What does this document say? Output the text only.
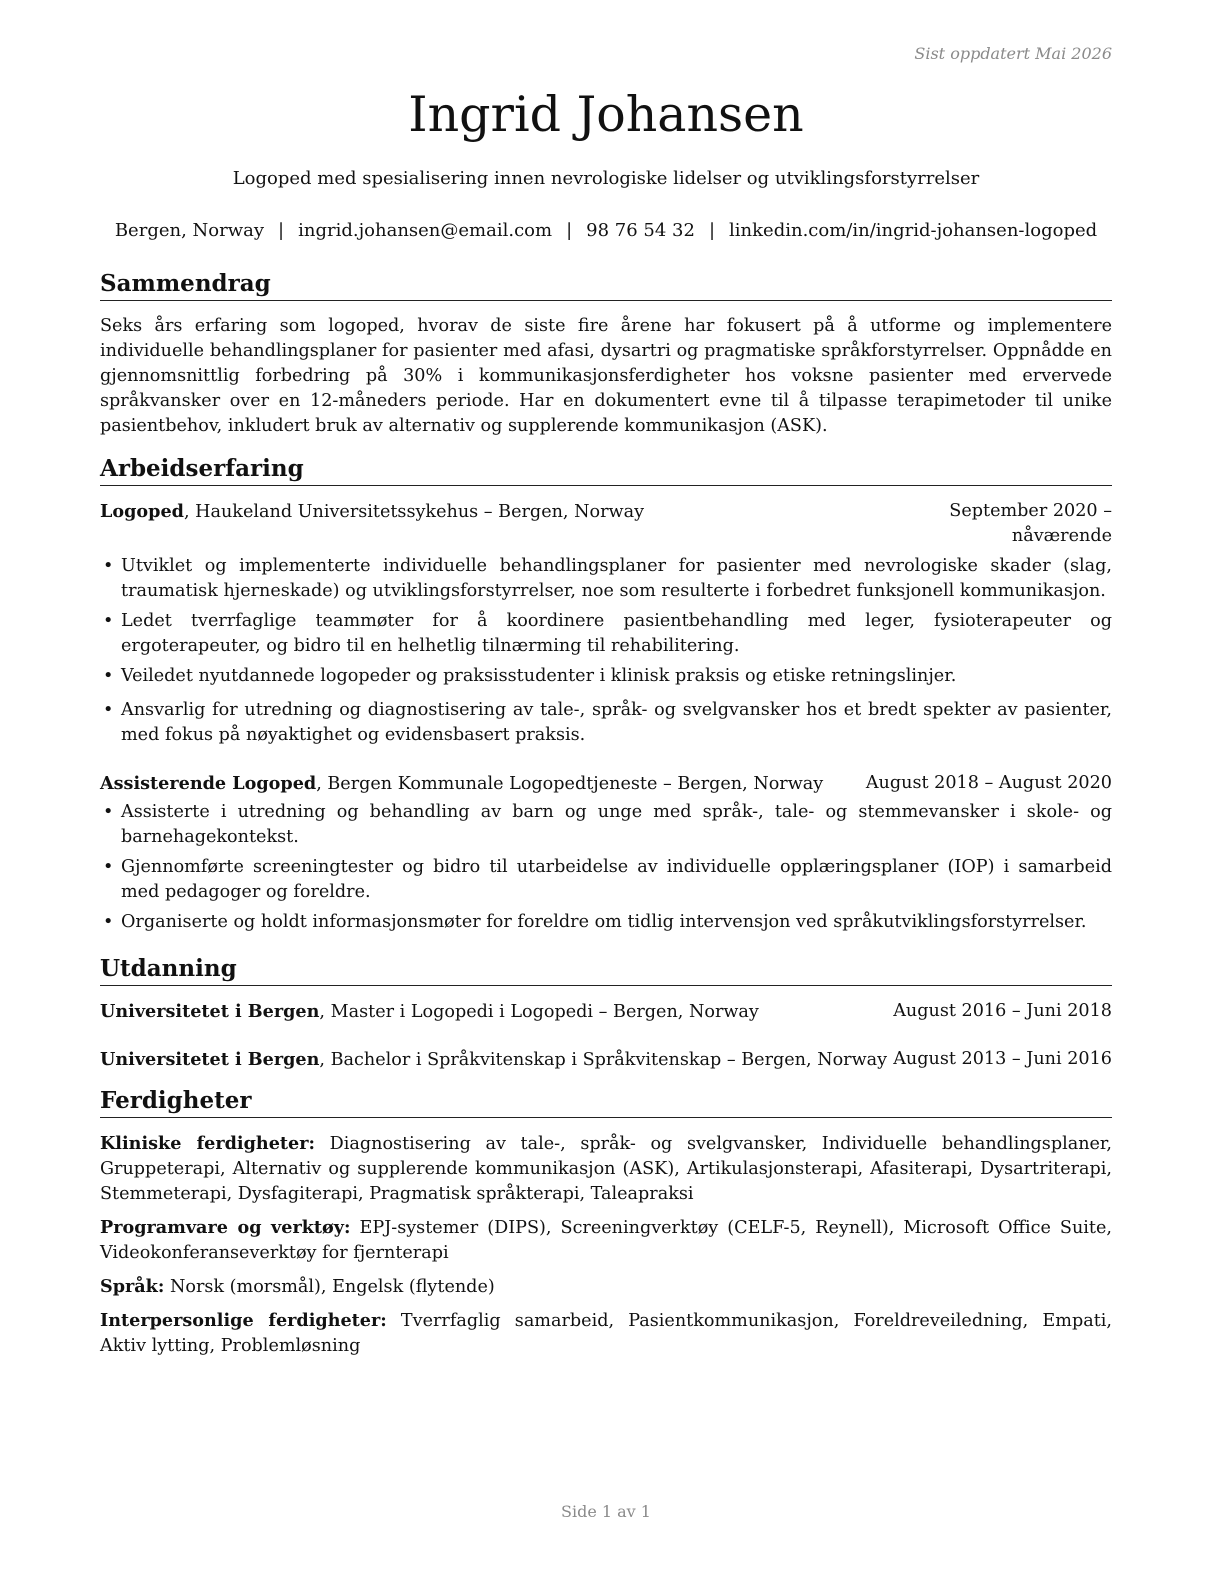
Sist oppdatert Mai 2026
Ingrid Johansen
Logoped med spesialisering innen nevrologiske lidelser og utviklingsforstyrrelser
Bergen, Norway | ingrid.johansen@email.com | 98 76 54 32 | linkedin.com/in/ingrid-johansen-logoped
Sammendrag
Seks års erfaring som logoped, hvorav de siste fire årene har fokusert på å utforme og implementere individuelle behandlingsplaner for pasienter med afasi, dysartri og pragmatiske språkforstyrrelser. Oppnådde en gjennomsnittlig forbedring på 30% i kommunikasjonsferdigheter hos voksne pasienter med ervervede språkvansker over en 12-måneders periode. Har en dokumentert evne til å tilpasse terapimetoder til unike pasientbehov, inkludert bruk av alternativ og supplerende kommunikasjon (ASK).
Arbeidserfaring
Logoped, Haukeland Universitetssykehus – Bergen, Norway	September 2020 – nåværende
• Utviklet og implementerte individuelle behandlingsplaner for pasienter med nevrologiske skader (slag, traumatisk hjerneskade) og utviklingsforstyrrelser, noe som resulterte i forbedret funksjonell kommunikasjon.
• Ledet tverrfaglige teammøter for å koordinere pasientbehandling med leger, fysioterapeuter og ergoterapeuter, og bidro til en helhetlig tilnærming til rehabilitering.
• Veiledet nyutdannede logopeder og praksisstudenter i klinisk praksis og etiske retningslinjer.
• Ansvarlig for utredning og diagnostisering av tale-, språk- og svelgvansker hos et bredt spekter av pasienter, med fokus på nøyaktighet og evidensbasert praksis.
Assisterende Logoped, Bergen Kommunale Logopedtjeneste – Bergen, Norway August 2018 – August 2020
• Assisterte i utredning og behandling av barn og unge med språk-, tale- og stemmevansker i skole- og barnehagekontekst.
• Gjennomførte screeningtester og bidro til utarbeidelse av individuelle opplæringsplaner (IOP) i samarbeid med pedagoger og foreldre.
• Organiserte og holdt informasjonsmøter for foreldre om tidlig intervensjon ved språkutviklingsforstyrrelser.
Utdanning
Universitetet i Bergen, Master i Logopedi i Logopedi – Bergen, Norway	August 2016 – Juni 2018
Universitetet i Bergen, Bachelor i Språkvitenskap i Språkvitenskap – Bergen, Norway August 2013 – Juni 2016
Ferdigheter
Kliniske ferdigheter: Diagnostisering av tale-, språk- og svelgvansker, Individuelle behandlingsplaner, Gruppeterapi, Alternativ og supplerende kommunikasjon (ASK), Artikulasjonsterapi, Afasiterapi, Dysartriterapi, Stemmeterapi, Dysfagiterapi, Pragmatisk språkterapi, Taleapraksi
Programvare og verktøy: EPJ-systemer (DIPS), Screeningverktøy (CELF-5, Reynell), Microsoft Office Suite, Videokonferanseverktøy for fjernterapi
Språk: Norsk (morsmål), Engelsk (flytende)
Interpersonlige ferdigheter: Tverrfaglig samarbeid, Pasientkommunikasjon, Foreldreveiledning, Empati, Aktiv lytting, Problemløsning
Side 1 av 1
